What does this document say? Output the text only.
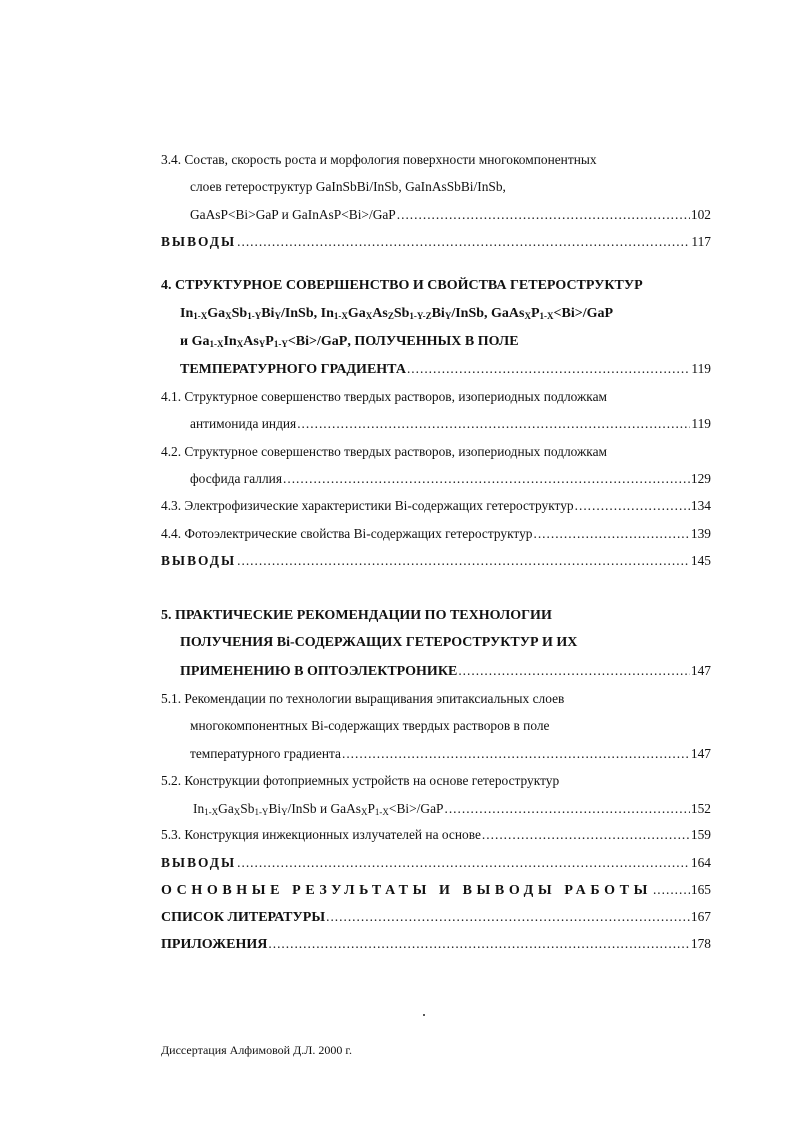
3.4. Состав, скорость роста и морфология поверхности многокомпонентных
слоев гетероструктур GaInSbBi/InSb, GaInAsSbBi/InSb,
GaAsP<Bi>GaP и GaInAsP<Bi>/GaP .....	102
ВЫВОДЫ .....	117
4. СТРУКТУРНОЕ СОВЕРШЕНСТВО И СВОЙСТВА ГЕТЕРОСТРУКТУР
$In_{1-X}Ga_XSb_{1-Y}Bi_Y$/InSb, $In_{1-X}Ga_XAs_ZSb_{1-Y-Z}Bi_Y$/InSb, $GaAs_XP_{1-X}<Bi>$/GaP
и $Ga_{1-X}In_XAs_YP_{1-Y}<Bi>$/GaP , ПОЛУЧЕННЫХ В ПОЛЕ
ТЕМПЕРАТУРНОГО ГРАДИЕНТА .....	119
4.1. Структурное совершенство твердых растворов, изопериодных подложкам
антимонида индия .....	119
4.2. Структурное совершенство твердых растворов, изопериодных подложкам
фосфида галлия .....	129
4.3. Электрофизические характеристики Bi-содержащих гетероструктур .....	134
4.4. Фотоэлектрические свойства Bi-содержащих гетероструктур .....	139
ВЫВОДЫ .....	145
5. ПРАКТИЧЕСКИЕ РЕКОМЕНДАЦИИ ПО ТЕХНОЛОГИИ
ПОЛУЧЕНИЯ Bi-СОДЕРЖАЩИХ ГЕТЕРОСТРУКТУР И ИХ
ПРИМЕНЕНИЮ В ОПТОЭЛЕКТРОНИКЕ .....	147
5.1. Рекомендации по технологии выращивания эпитаксиальных слоев
многокомпонентных Bi-содержащих твердых растворов в поле
температурного градиента .....	147
5.2. Конструкции фотоприемных устройств на основе гетероструктур
$In_{1-X}Ga_XSb_{1-Y}Bi_Y$/InSb и $GaAs_XP_{1-X}<Bi>$/GaP .....	152
5.3. Конструкция инжекционных излучателей на основе .....	159
ВЫВОДЫ .....	164
ОСНОВНЫЕ РЕЗУЛЬТАТЫ И ВЫВОДЫ РАБОТЫ .....	165
СПИСОК ЛИТЕРАТУРЫ .....	167
ПРИЛОЖЕНИЯ .....	178
Диссертация Алфимовой Д.Л. 2000 г.
